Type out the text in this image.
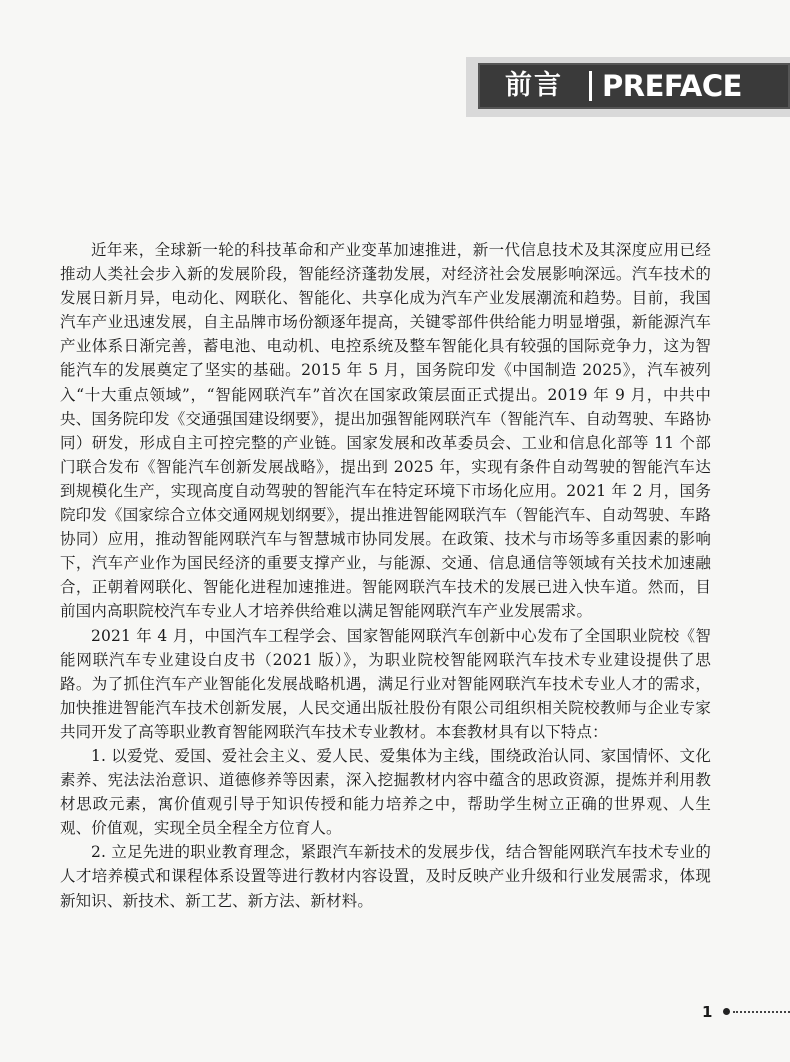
前言 PREFACE

近年来，全球新一轮的科技革命和产业变革加速推进，新一代信息技术及其深度应用已经推动人类社会步入新的发展阶段，智能经济蓬勃发展，对经济社会发展影响深远。汽车技术的发展日新月异，电动化、网联化、智能化、共享化成为汽车产业发展潮流和趋势。目前，我国汽车产业迅速发展，自主品牌市场份额逐年提高，关键零部件供给能力明显增强，新能源汽车产业体系日渐完善，蓄电池、电动机、电控系统及整车智能化具有较强的国际竞争力，这为智能汽车的发展奠定了坚实的基础。2015 年 5 月，国务院印发《中国制造 2025》，汽车被列入“十大重点领域”，“智能网联汽车”首次在国家政策层面正式提出。2019 年 9 月，中共中央、国务院印发《交通强国建设纲要》，提出加强智能网联汽车（智能汽车、自动驾驶、车路协同）研发，形成自主可控完整的产业链。国家发展和改革委员会、工业和信息化部等 11 个部门联合发布《智能汽车创新发展战略》，提出到 2025 年，实现有条件自动驾驶的智能汽车达到规模化生产，实现高度自动驾驶的智能汽车在特定环境下市场化应用。2021 年 2 月，国务院印发《国家综合立体交通网规划纲要》，提出推进智能网联汽车（智能汽车、自动驾驶、车路协同）应用，推动智能网联汽车与智慧城市协同发展。在政策、技术与市场等多重因素的影响下，汽车产业作为国民经济的重要支撑产业，与能源、交通、信息通信等领域有关技术加速融合，正朝着网联化、智能化进程加速推进。智能网联汽车技术的发展已进入快车道。然而，目前国内高职院校汽车专业人才培养供给难以满足智能网联汽车产业发展需求。

2021 年 4 月，中国汽车工程学会、国家智能网联汽车创新中心发布了全国职业院校《智能网联汽车专业建设白皮书（2021 版）》，为职业院校智能网联汽车技术专业建设提供了思路。为了抓住汽车产业智能化发展战略机遇，满足行业对智能网联汽车技术专业人才的需求，加快推进智能汽车技术创新发展，人民交通出版社股份有限公司组织相关院校教师与企业专家共同开发了高等职业教育智能网联汽车技术专业教材。本套教材具有以下特点：

1. 以爱党、爱国、爱社会主义、爱人民、爱集体为主线，围绕政治认同、家国情怀、文化素养、宪法法治意识、道德修养等因素，深入挖掘教材内容中蕴含的思政资源，提炼并利用教材思政元素，寓价值观引导于知识传授和能力培养之中，帮助学生树立正确的世界观、人生观、价值观，实现全员全程全方位育人。

2. 立足先进的职业教育理念，紧跟汽车新技术的发展步伐，结合智能网联汽车技术专业的人才培养模式和课程体系设置等进行教材内容设置，及时反映产业升级和行业发展需求，体现新知识、新技术、新工艺、新方法、新材料。

1
